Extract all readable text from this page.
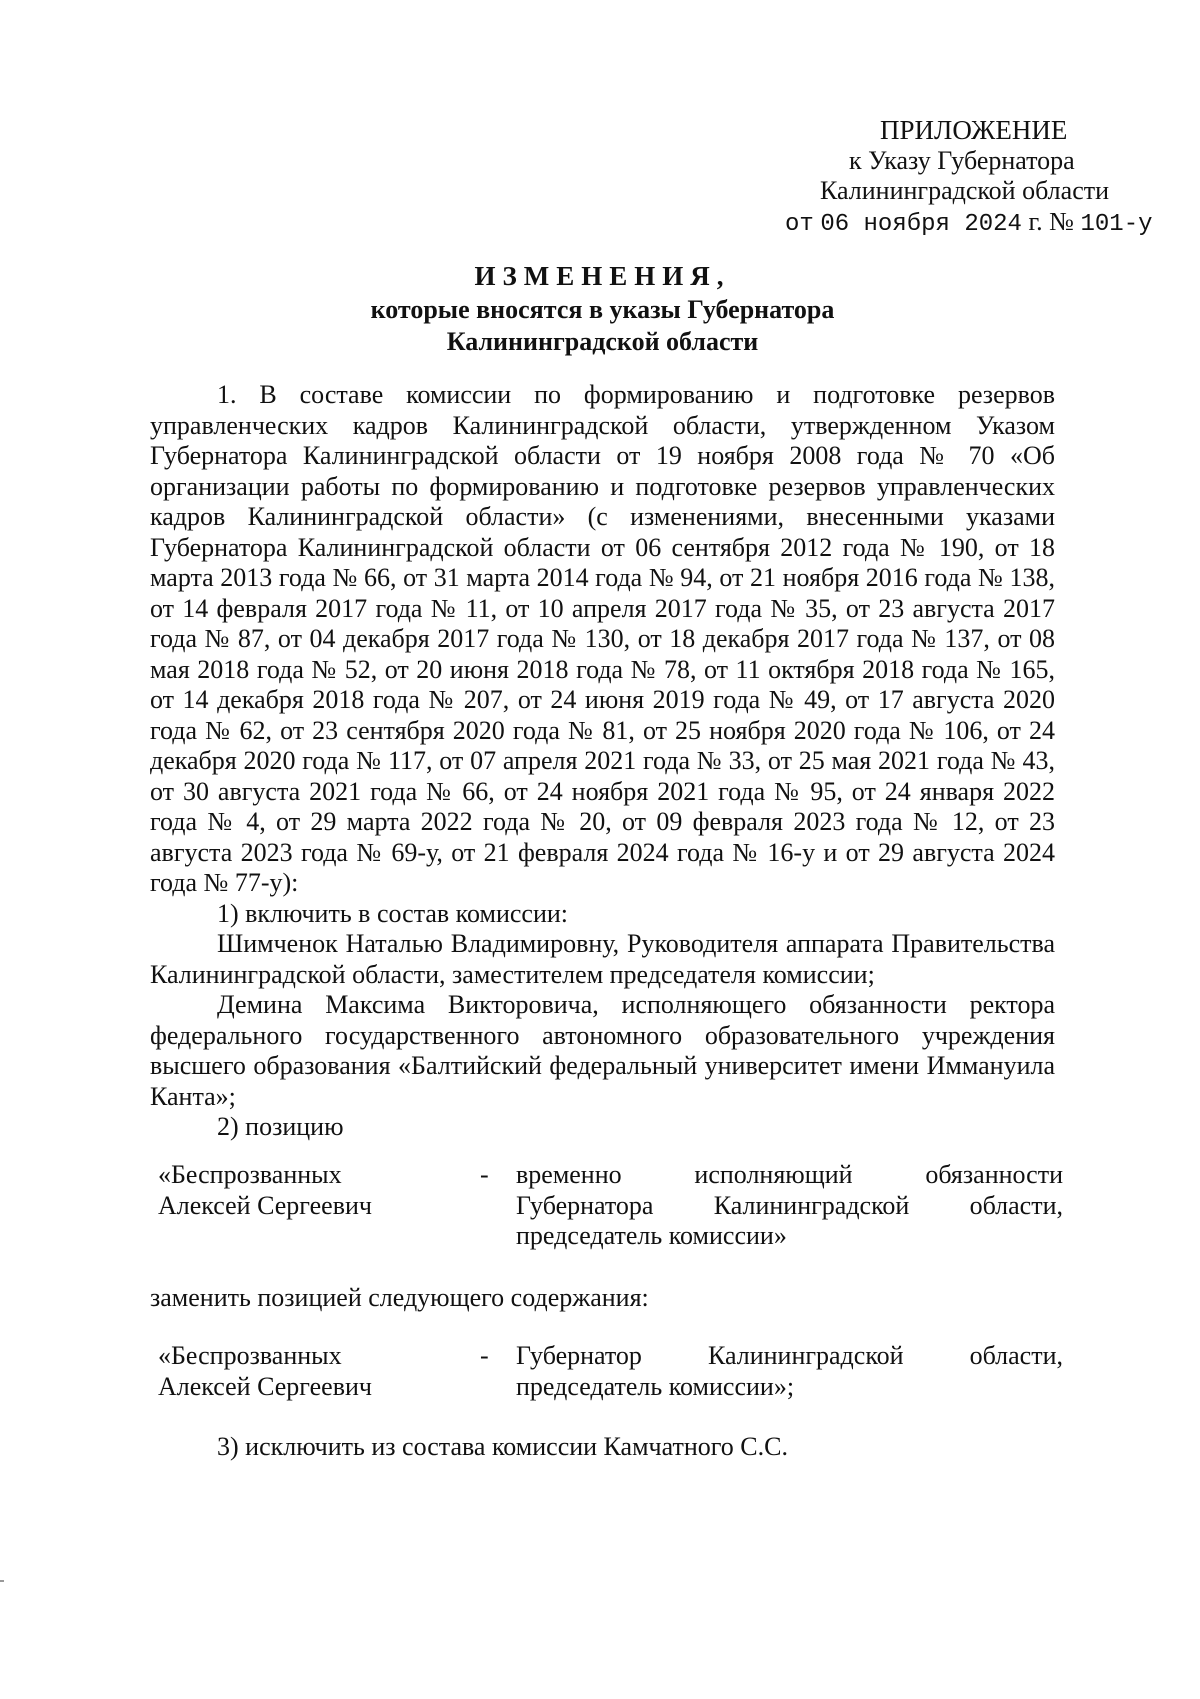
ПРИЛОЖЕНИЕ
к Указу Губернатора
Калининградской области
от 06 ноября 2024 г. № 101-у
ИЗМЕНЕНИЯ,
которые вносятся в указы Губернатора
Калининградской области

1. В составе комиссии по формированию и подготовке резервов управленческих кадров Калининградской области, утвержденном Указом Губернатора Калининградской области от 19 ноября 2008 года № 70 «Об организации работы по формированию и подготовке резервов управленческих кадров Калининградской области» (с изменениями, внесенными указами Губернатора Калининградской области от 06 сентября 2012 года № 190, от 18 марта 2013 года № 66, от 31 марта 2014 года № 94, от 21 ноября 2016 года № 138, от 14 февраля 2017 года № 11, от 10 апреля 2017 года № 35, от 23 августа 2017 года № 87, от 04 декабря 2017 года № 130, от 18 декабря 2017 года № 137, от 08 мая 2018 года № 52, от 20 июня 2018 года № 78, от 11 октября 2018 года № 165, от 14 декабря 2018 года № 207, от 24 июня 2019 года № 49, от 17 августа 2020 года № 62, от 23 сентября 2020 года № 81, от 25 ноября 2020 года № 106, от 24 декабря 2020 года № 117, от 07 апреля 2021 года № 33, от 25 мая 2021 года № 43, от 30 августа 2021 года № 66, от 24 ноября 2021 года № 95, от 24 января 2022 года № 4, от 29 марта 2022 года № 20, от 09 февраля 2023 года № 12, от 23 августа 2023 года № 69-у, от 21 февраля 2024 года № 16-у и от 29 августа 2024 года № 77-у):

1) включить в состав комиссии:

Шимченок Наталью Владимировну, Руководителя аппарата Правительства Калининградской области, заместителем председателя комиссии;

Демина Максима Викторовича, исполняющего обязанности ректора федерального государственного автономного образовательного учреждения высшего образования «Балтийский федеральный университет имени Иммануила Канта»;

2) позицию

«Беспрозванных
Алексей Сергеевич
-	временно исполняющий обязанности Губернатора Калининградской области, председатель комиссии»
заменить позицией следующего содержания:
«Беспрозванных
Алексей Сергеевич
-	Губернатор Калининградской области, председатель комиссии»;
3) исключить из состава комиссии Камчатного С.С.
